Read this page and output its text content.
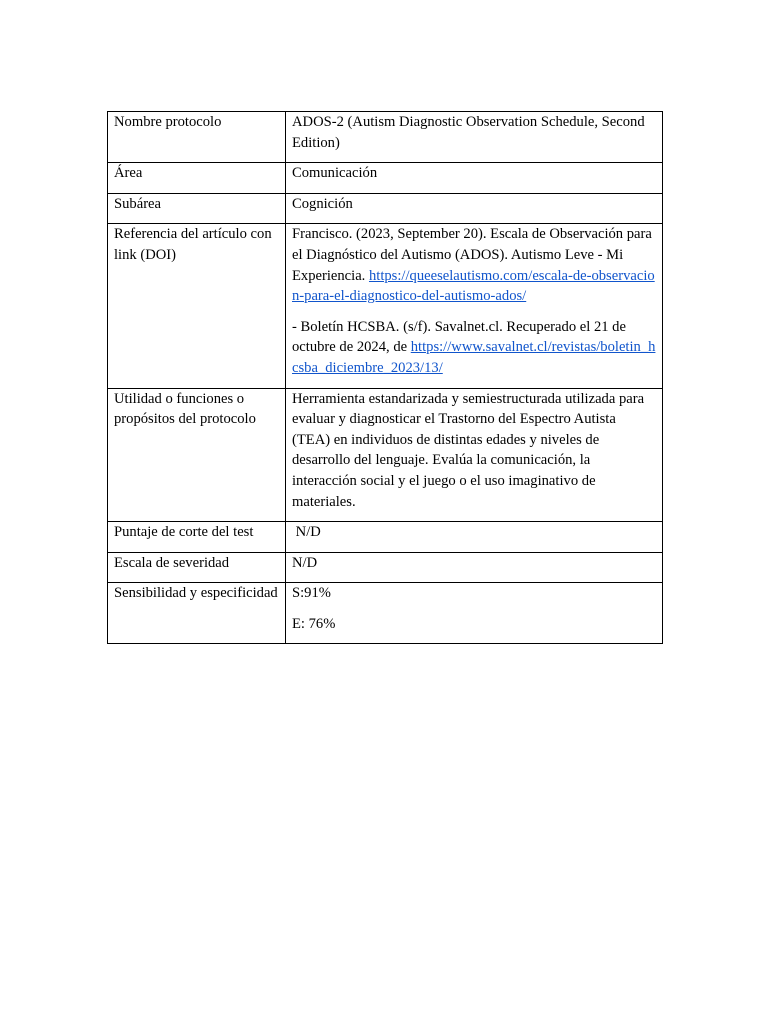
Nombre protocolo	ADOS-2 (Autism Diagnostic Observation Schedule, Second Edition)

Área	Comunicación

Subárea	Cognición

Referencia del artículo con link (DOI)	Francisco. (2023, September 20). Escala de Observación para el Diagnóstico del Autismo (ADOS). Autismo Leve - Mi Experiencia. https://queeselautismo.com/escala-de-observacion-para-el-diagnostico-del-autismo-ados/

- Boletín HCSBA. (s/f). Savalnet.cl. Recuperado el 21 de octubre de 2024, de https://www.savalnet.cl/revistas/boletin_hcsba_diciembre_2023/13/

Utilidad o funciones o propósitos del protocolo	Herramienta estandarizada y semiestructurada utilizada para evaluar y diagnosticar el Trastorno del Espectro Autista (TEA) en individuos de distintas edades y niveles de desarrollo del lenguaje. Evalúa la comunicación, la interacción social y el juego o el uso imaginativo de materiales.

Puntaje de corte del test	N/D

Escala de severidad	N/D

Sensibilidad y especificidad	S:91%

E: 76%
